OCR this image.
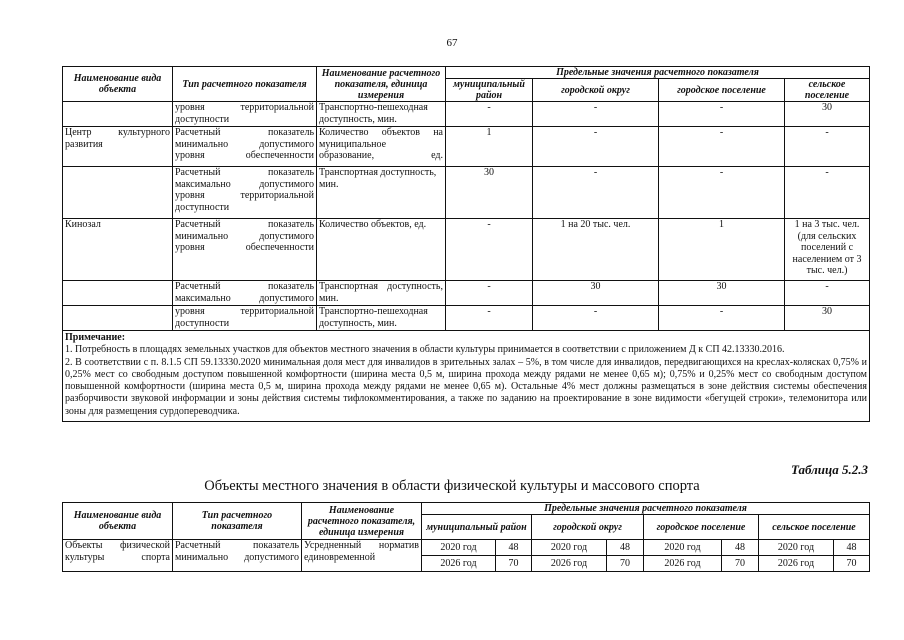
67
Наименование вида объекта	Тип расчетного показателя	Наименование расчетного показателя, единица измерения	Предельные значения расчетного показателя			
			муниципальный район	городской округ	городское поселение	сельское поселение
	уровня территориальной доступности	Транспортно-пешеходная доступность, мин.	-	-	-	30
Центр культурного развития	Расчетный показатель минимально допустимого уровня обеспеченности	Количество объектов на муниципальное образование, ед.	1	-	-	-
	Расчетный показатель максимально допустимого уровня территориальной доступности	Транспортная доступность, мин.	30	-	-	-
Кинозал	Расчетный показатель минимально допустимого уровня обеспеченности	Количество объектов, ед.	-	1 на 20 тыс. чел.	1	1 на 3 тыс. чел. (для сельских поселений с населением от 3 тыс. чел.)
	Расчетный показатель максимально допустимого	Транспортная доступность, мин.	-	30	30	-
	уровня территориальной доступности	Транспортно-пешеходная доступность, мин.	-	-	-	30
Примечание:
1. Потребность в площадях земельных участков для объектов местного значения в области культуры принимается в соответствии с приложением Д к СП 42.13330.2016.
2. В соответствии с п. 8.1.5 СП 59.13330.2020 минимальная доля мест для инвалидов в зрительных залах – 5%, в том числе для инвалидов, передвигающихся на креслах-колясках 0,75% и 0,25% мест со свободным доступом повышенной комфортности (ширина места 0,5 м, ширина прохода между рядами не менее 0,65 м); 0,75% и 0,25% мест со свободным доступом повышенной комфортности (ширина места 0,5 м, ширина прохода между рядами не менее 0,65 м). Остальные 4% мест должны размещаться в зоне действия системы обеспечения разборчивости звуковой информации и зоны действия системы тифлокомментирования, а также по заданию на проектирование в зоне видимости «бегущей строки», телемонитора или зоны для размещения сурдопереводчика.						
Таблица 5.2.3
Объекты местного значения в области физической культуры и массового спорта
Наименование вида объекта	Тип расчетного показателя	Наименование расчетного показателя, единица измерения	Предельные значения расчетного показателя							
			муниципальный район		городской округ		городское поселение		сельское поселение	
Объекты физической культуры спорта	Расчетный показатель минимально допустимого	Усредненный норматив единовременной	2020 год	48	2020 год	48	2020 год	48	2020 год	48
			2026 год	70	2026 год	70	2026 год	70	2026 год	70
